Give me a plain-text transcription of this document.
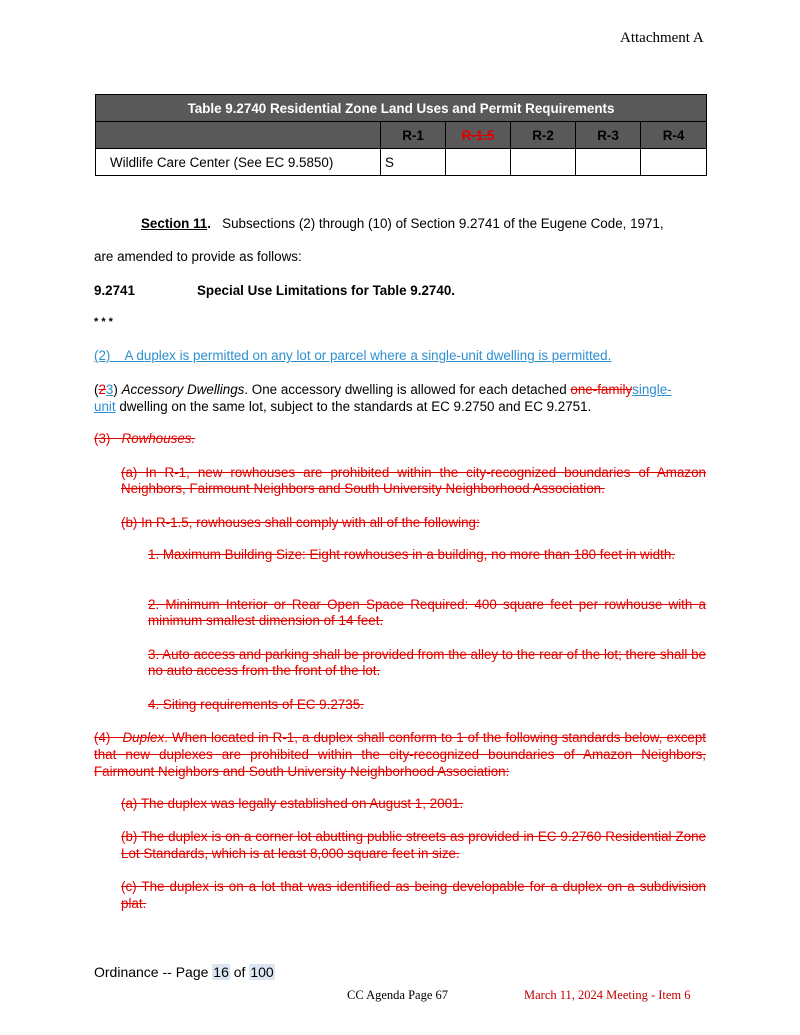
Attachment A
Table 9.2740 Residential Zone Land Uses and Permit Requirements					
	R-1	R-1.5	R-2	R-3	R-4
Wildlife Care Center (See EC 9.5850)	S				
Section 11. Subsections (2) through (10) of Section 9.2741 of the Eugene Code, 1971,
are amended to provide as follows:
9.2741	Special Use Limitations for Table 9.2740.
* * *
(2)    A duplex is permitted on any lot or parcel where a single-unit dwelling is permitted.
(23) Accessory Dwellings. One accessory dwelling is allowed for each detached one-familysingle-
unit dwelling on the same lot, subject to the standards at EC 9.2750 and EC 9.2751.
(3)   Rowhouses.
(a) In R-1, new rowhouses are prohibited within the city-recognized boundaries of Amazon Neighbors, Fairmount Neighbors and South University Neighborhood Association.
(b) In R-1.5, rowhouses shall comply with all of the following:
1. Maximum Building Size: Eight rowhouses in a building, no more than 180 feet in width.
2. Minimum Interior or Rear Open Space Required: 400 square feet per rowhouse with a minimum smallest dimension of 14 feet.
3. Auto access and parking shall be provided from the alley to the rear of the lot; there shall be no auto access from the front of the lot.
4. Siting requirements of EC 9.2735.
(4)   Duplex. When located in R-1, a duplex shall conform to 1 of the following standards below, except that new duplexes are prohibited within the city-recognized boundaries of Amazon Neighbors, Fairmount Neighbors and South University Neighborhood Association:
(a) The duplex was legally established on August 1, 2001.
(b) The duplex is on a corner lot abutting public streets as provided in EC 9.2760 Residential Zone Lot Standards, which is at least 8,000 square feet in size.
(c) The duplex is on a lot that was identified as being developable for a duplex on a subdivision plat.
Ordinance -- Page 16 of 100
CC Agenda Page 67	March 11, 2024 Meeting - Item 6
